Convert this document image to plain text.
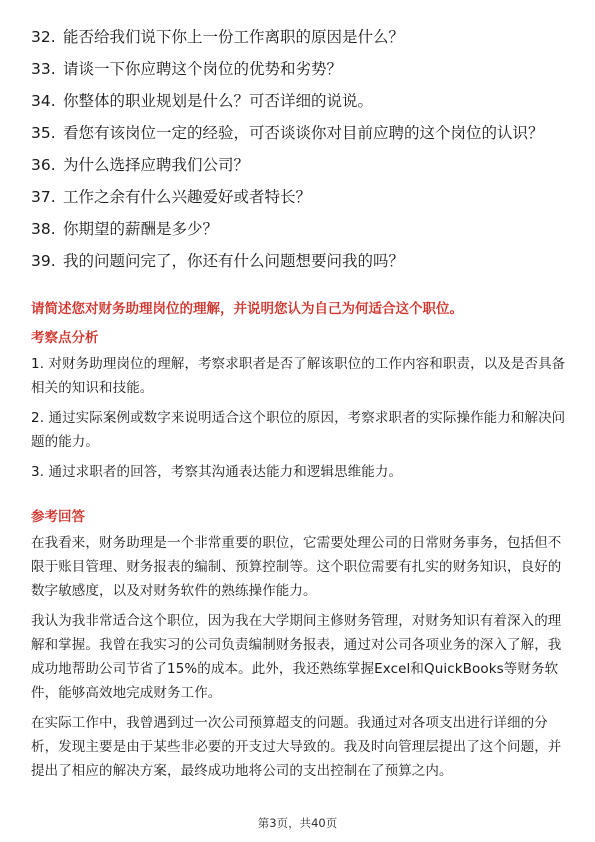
32. 能否给我们说下你上一份工作离职的原因是什么？
33. 请谈一下你应聘这个岗位的优势和劣势？
34. 你整体的职业规划是什么？可否详细的说说。
35. 看您有该岗位一定的经验，可否谈谈你对目前应聘的这个岗位的认识？
36. 为什么选择应聘我们公司？
37. 工作之余有什么兴趣爱好或者特长？
38. 你期望的薪酬是多少？
39. 我的问题问完了，你还有什么问题想要问我的吗？
请简述您对财务助理岗位的理解，并说明您认为自己为何适合这个职位。
考察点分析

1. 对财务助理岗位的理解，考察求职者是否了解该职位的工作内容和职责，以及是否具备相关的知识和技能。

2. 通过实际案例或数字来说明适合这个职位的原因，考察求职者的实际操作能力和解决问题的能力。

3. 通过求职者的回答，考察其沟通表达能力和逻辑思维能力。

参考回答

在我看来，财务助理是一个非常重要的职位，它需要处理公司的日常财务事务，包括但不限于账目管理、财务报表的编制、预算控制等。这个职位需要有扎实的财务知识，良好的数字敏感度，以及对财务软件的熟练操作能力。

我认为我非常适合这个职位，因为我在大学期间主修财务管理，对财务知识有着深入的理解和掌握。我曾在我实习的公司负责编制财务报表，通过对公司各项业务的深入了解，我成功地帮助公司节省了15%的成本。此外，我还熟练掌握Excel和QuickBooks等财务软件，能够高效地完成财务工作。

在实际工作中，我曾遇到过一次公司预算超支的问题。我通过对各项支出进行详细的分析，发现主要是由于某些非必要的开支过大导致的。我及时向管理层提出了这个问题，并提出了相应的解决方案，最终成功地将公司的支出控制在了预算之内。

第3页，共40页
